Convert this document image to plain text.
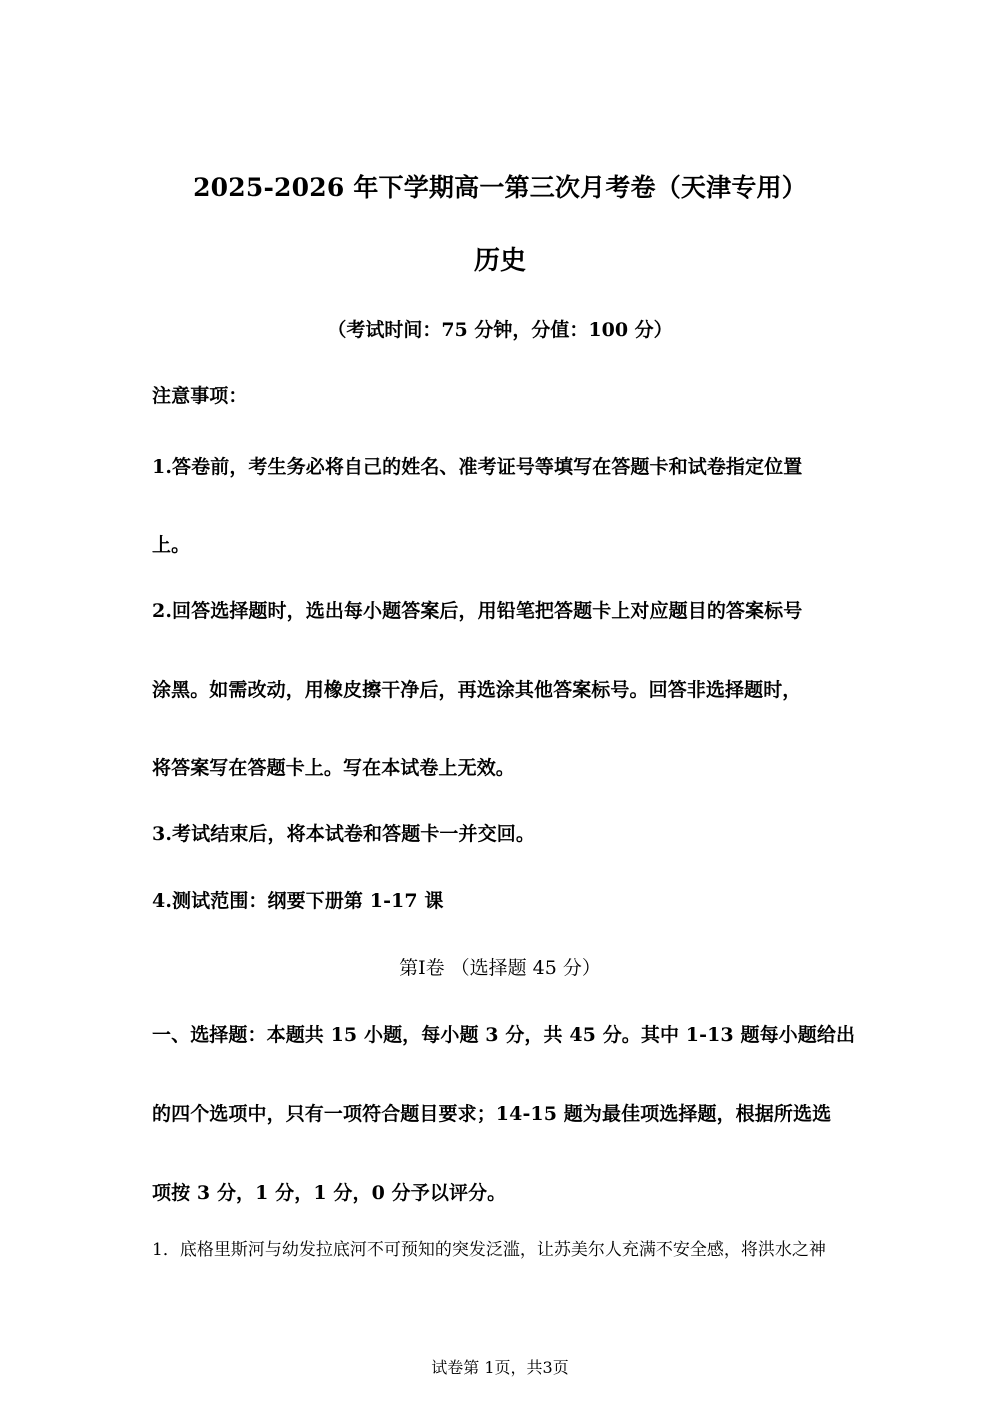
2025-2026 年下学期高一第三次月考卷（天津专用）
历史
（考试时间：75 分钟，分值：100 分）
注意事项：
1.答卷前，考生务必将自己的姓名、准考证号等填写在答题卡和试卷指定位置
上。
2.回答选择题时，选出每小题答案后，用铅笔把答题卡上对应题目的答案标号
涂黑。如需改动，用橡皮擦干净后，再选涂其他答案标号。回答非选择题时，
将答案写在答题卡上。写在本试卷上无效。
3.考试结束后，将本试卷和答题卡一并交回。
4.测试范围：纲要下册第 1-17 课
第Ⅰ卷 （选择题 45 分）
一、选择题：本题共 15 小题，每小题 3 分，共 45 分。其中 1-13 题每小题给出
的四个选项中，只有一项符合题目要求；14-15 题为最佳项选择题，根据所选选
项按 3 分，1 分，1 分，0 分予以评分。
1．底格里斯河与幼发拉底河不可预知的突发泛滥，让苏美尔人充满不安全感，将洪水之神
试卷第 1页，共3页
